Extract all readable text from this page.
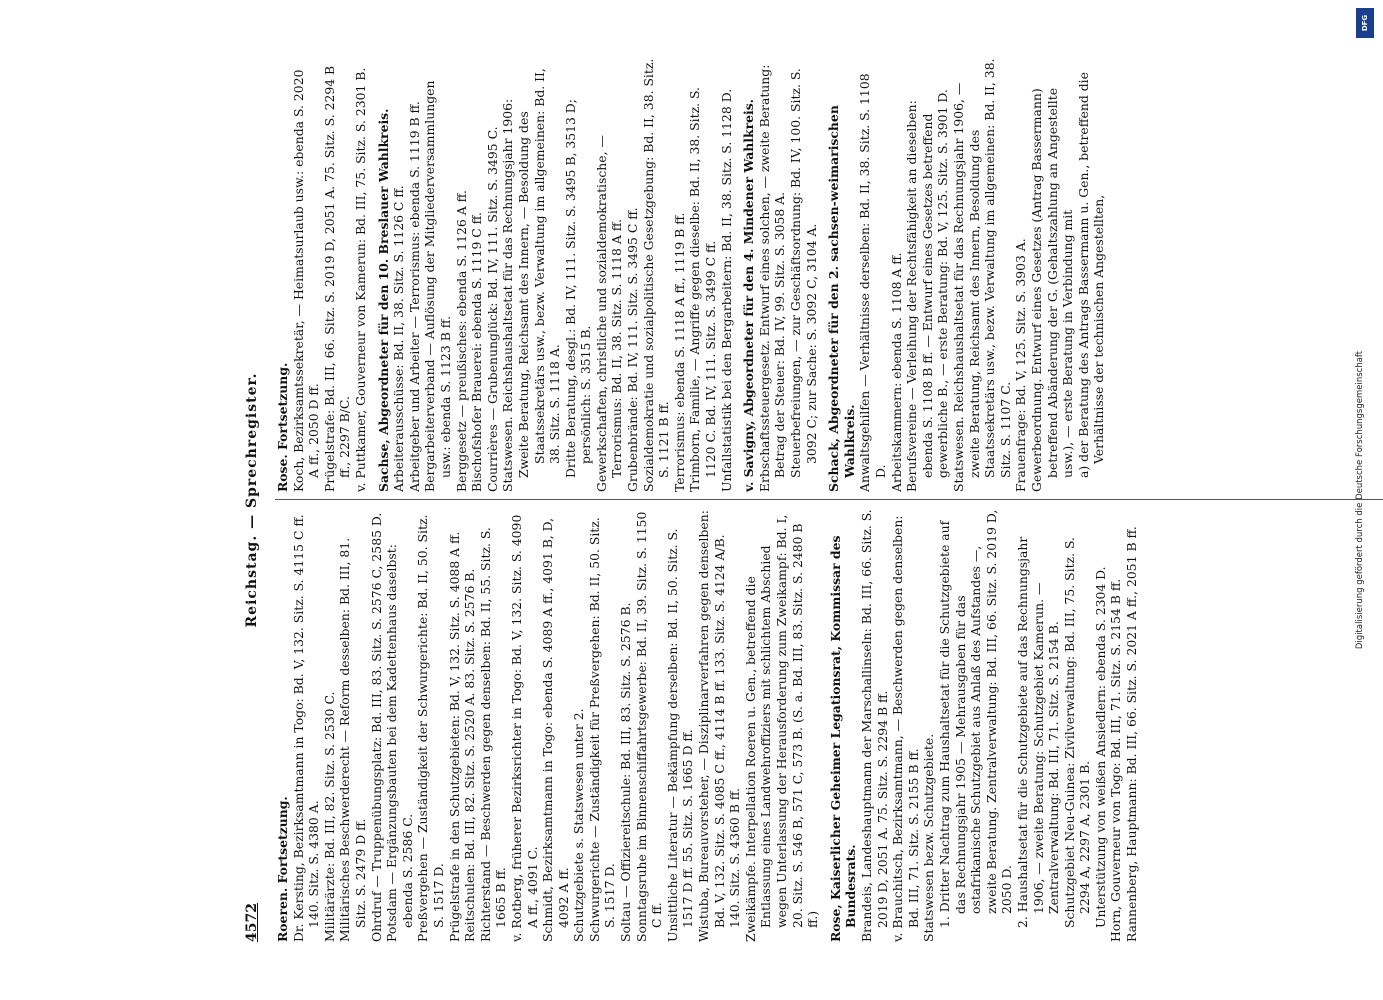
4572
Reichstag. — Sprechregister.

Roeren. Fortsetzung. Dr. Kersting, Bezirksamtmann in Togo: Bd. V, 132. Sitz. S. 4115 C ff. 140. Sitz. S. 4380 A. Militärärzte: Bd. III, 82. Sitz. S. 2530 C. Militärisches Beschwerderecht — Reform desselben: Bd. III, 81. Sitz. S. 2479 D ff. Ohrdruf — Truppenübungsplatz: Bd. III, 83. Sitz. S. 2576 C, 2585 D. Potsdam — Ergänzungsbauten bei dem Kadettenhaus daselbst: ebenda S. 2586 C. Preßvergehen — Zuständigkeit der Schwurgerichte: Bd. II, 50. Sitz. S. 1517 D. Prügelstrafe in den Schutzgebieten: Bd. V, 132. Sitz. S. 4088 A ff. Reitschulen: Bd. III, 82. Sitz. S. 2520 A. 83. Sitz. S. 2576 B. Richterstand — Beschwerden gegen denselben: Bd. II, 55. Sitz. S. 1665 B ff. v. Rotberg, früherer Bezirksrichter in Togo: Bd. V, 132. Sitz. S. 4090 A ff., 4091 C. Schmidt, Bezirksamtmann in Togo: ebenda S. 4089 A ff., 4091 B, D, 4092 A ff. Schutzgebiete s. Statswesen unter 2. Schwurgerichte — Zuständigkeit für Preßvergehen: Bd. II, 50. Sitz. S. 1517 D. Soltau — Offiziereitschule: Bd. III, 83. Sitz. S. 2576 B. Sonntagsruhe im Binnenschiffahrtsgewerbe: Bd. II, 39. Sitz. S. 1150 C ff. Unsittliche Literatur — Bekämpfung derselben: Bd. II, 50. Sitz. S. 1517 D ff. 55. Sitz. S. 1665 D ff. Wistuba, Bureauvorsteher, — Disziplinarverfahren gegen denselben: Bd. V, 132. Sitz. S. 4085 C ff., 4114 B ff. 133. Sitz. S. 4124 A/B. 140. Sitz. S. 4360 B ff. Zweikämpfe. Interpellation Roeren u. Gen., betreffend die Entlassung eines Landwehroffiziers mit schlichtem Abschied wegen Unterlassung der Herausforderung zum Zweikampf: Bd. I, 20. Sitz. S. 546 B, 571 C, 573 B. (S. a. Bd. III, 83. Sitz. S. 2480 B ff.) Rose, Kaiserlicher Geheimer Legationsrat, Kommissar des Bundesrats. Brandeis, Landeshauptmann der Marschallinseln: Bd. III, 66. Sitz. S. 2019 D, 2051 A. 75. Sitz. S. 2294 B ff. v. Brauchitsch, Bezirksamtmann, — Beschwerden gegen denselben: Bd. III, 71. Sitz. S. 2155 B ff. Statswesen bezw. Schutzgebiete. 1. Dritter Nachtrag zum Haushaltsetat für die Schutzgebiete auf das Rechnungsjahr 1905 — Mehrausgaben für das ostafrikanische Schutzgebiet aus Anlaß des Aufstandes —, zweite Beratung. Zentralverwaltung: Bd. III, 66. Sitz. S. 2019 D, 2050 D. 2. Haushaltsetat für die Schutzgebiete auf das Rechnungsjahr 1906, — zweite Beratung: Schutzgebiet Kamerun. — Zentralverwaltung: Bd. III, 71. Sitz. S. 2154 B. Schutzgebiet Neu-Guinea: Zivilverwaltung: Bd. III, 75. Sitz. S. 2294 A, 2297 A, 2301 B. Unterstützung von weißen Ansiedlern: ebenda S. 2304 D. Horn, Gouverneur von Togo: Bd. III, 71. Sitz. S. 2154 B ff. Rannenberg, Hauptmann: Bd. III, 66. Sitz. S. 2021 A ff., 2051 B ff.

Rose. Fortsetzung. Koch, Bezirksamtssekretär, — Heimatsurlaub usw.: ebenda S. 2020 A ff., 2050 D ff. Prügelstrafe: Bd. III, 66. Sitz. S. 2019 D, 2051 A. 75. Sitz. S. 2294 B ff., 2297 B/C. v. Puttkamer, Gouverneur von Kamerun: Bd. III, 75. Sitz. S. 2301 B. Sachse, Abgeordneter für den 10. Breslauer Wahlkreis. Arbeiterausschüsse: Bd. II, 38. Sitz. S. 1126 C ff. Arbeitgeber und Arbeiter — Terrorismus: ebenda S. 1119 B ff. Bergarbeiterverband — Auflösung der Mitgliederversammlungen usw.: ebenda S. 1123 B ff. Berggesetz — preußisches: ebenda S. 1126 A ff. Bischofshofer Brauerei: ebenda S. 1119 C ff. Courrières — Grubenunglück: Bd. IV, 111. Sitz. S. 3495 C. Statswesen. Reichshaushaltsetat für das Rechnungsjahr 1906: Zweite Beratung, Reichsamt des Innern, — Besoldung des Staatssekretärs usw., bezw. Verwaltung im allgemeinen: Bd. II, 38. Sitz. S. 1118 A. Dritte Beratung, desgl.: Bd. IV, 111. Sitz. S. 3495 B, 3513 D; persönlich: S. 3515 B. Gewerkschaften, christliche und sozialdemokratische, — Terrorismus: Bd. II, 38. Sitz. S. 1118 A ff. Grubenbrände: Bd. IV, 111. Sitz. S. 3495 C ff. Sozialdemokratie und sozialpolitische Gesetzgebung: Bd. II, 38. Sitz. S. 1121 B ff. Terrorismus: ebenda S. 1118 A ff., 1119 B ff. Trimborn, Familie, — Angriffe gegen dieselbe: Bd. II, 38. Sitz. S. 1120 C. Bd. IV, 111. Sitz. S. 3499 C ff. Unfallstatistik bei den Bergarbeitern: Bd. II, 38. Sitz. S. 1128 D. v. Savigny, Abgeordneter für den 4. Mindener Wahlkreis. Erbschaftssteuergesetz. Entwurf eines solchen, — zweite Beratung: Betrag der Steuer: Bd. IV, 99. Sitz. S. 3058 A. Steuerbefreiungen, — zur Geschäftsordnung: Bd. IV, 100. Sitz. S. 3092 C; zur Sache: S. 3092 C, 3104 A. Schack, Abgeordneter für den 2. sachsen-weimarischen Wahlkreis. Anwaltsgehilfen — Verhältnisse derselben: Bd. II, 38. Sitz. S. 1108 D. Arbeitskammern: ebenda S. 1108 A ff. Berufsvereine — Verleihung der Rechtsfähigkeit an dieselben: ebenda S. 1108 B ff. — Entwurf eines Gesetzes betreffend gewerbliche B., — erste Beratung: Bd. V, 125. Sitz. S. 3901 D. Statswesen. Reichshaushaltsetat für das Rechnungsjahr 1906, — zweite Beratung, Reichsamt des Innern, Besoldung des Staatssekretärs usw., bezw. Verwaltung im allgemeinen: Bd. II, 38. Sitz. S. 1107 C. Frauenfrage: Bd. V, 125. Sitz. S. 3903 A. Gewerbeordnung. Entwurf eines Gesetzes (Antrag Bassermann) betreffend Abänderung der G. (Gehaltszahlung an Angestellte usw.), — erste Beratung in Verbindung mit a) der Beratung des Antrags Bassermann u. Gen., betreffend die Verhältnisse der technischen Angestellten,

Digitalisierung gefördert durch die Deutsche Forschungsgemeinschaft
DFG
